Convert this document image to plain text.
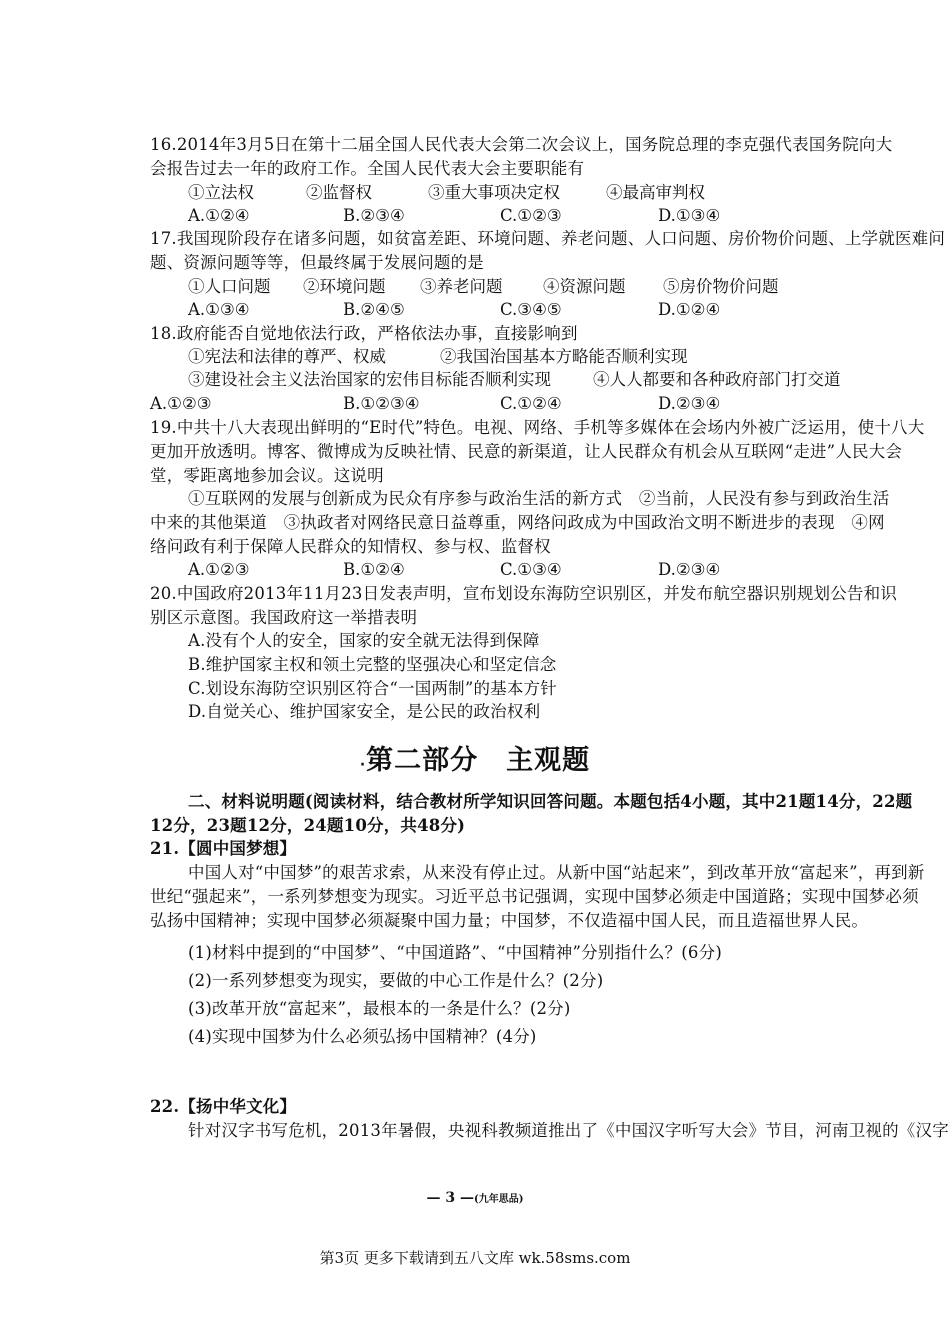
16.2014年3月5日在第十二届全国人民代表大会第二次会议上，国务院总理的李克强代表国务院向大
会报告过去一年的政府工作。全国人民代表大会主要职能有
①立法权	②监督权	③重大事项决定权	④最高审判权
A.①②④	B.②③④	C.①②③	D.①③④
17.我国现阶段存在诸多问题，如贫富差距、环境问题、养老问题、人口问题、房价物价问题、上学就医难问
题、资源问题等等，但最终属于发展问题的是
①人口问题 ②环境问题 ③养老问题 ④资源问题 ⑤房价物价问题
A.①③④	B.②④⑤	C.③④⑤	D.①②④
18.政府能否自觉地依法行政，严格依法办事，直接影响到
①宪法和法律的尊严、权威	②我国治国基本方略能否顺利实现
③建设社会主义法治国家的宏伟目标能否顺利实现	④人人都要和各种政府部门打交道
A.①②③	B.①②③④	C.①②④	D.②③④
19.中共十八大表现出鲜明的“E时代”特色。电视、网络、手机等多媒体在会场内外被广泛运用，使十八大
更加开放透明。博客、微博成为反映社情、民意的新渠道，让人民群众有机会从互联网“走进”人民大会
堂，零距离地参加会议。这说明
①互联网的发展与创新成为民众有序参与政治生活的新方式　②当前，人民没有参与到政治生活
中来的其他渠道　③执政者对网络民意日益尊重，网络问政成为中国政治文明不断进步的表现　④网
络问政有利于保障人民群众的知情权、参与权、监督权
A.①②③	B.①②④	C.①③④	D.②③④
20.中国政府2013年11月23日发表声明，宣布划设东海防空识别区，并发布航空器识别规划公告和识
别区示意图。我国政府这一举措表明
A.没有个人的安全，国家的安全就无法得到保障
B.维护国家主权和领土完整的坚强决心和坚定信念
C.划设东海防空识别区符合“一国两制”的基本方针
D.自觉关心、维护国家安全，是公民的政治权利
·第二部分 主观题
二、材料说明题(阅读材料，结合教材所学知识回答问题。本题包括4小题，其中21题14分，22题
12分，23题12分，24题10分，共48分)
21.【圆中国梦想】
中国人对“中国梦”的艰苦求索，从来没有停止过。从新中国“站起来”，到改革开放“富起来”，再到新
世纪“强起来”，一系列梦想变为现实。习近平总书记强调，实现中国梦必须走中国道路；实现中国梦必须
弘扬中国精神；实现中国梦必须凝聚中国力量；中国梦，不仅造福中国人民，而且造福世界人民。
(1)材料中提到的“中国梦”、“中国道路”、“中国精神”分别指什么？(6分)
(2)一系列梦想变为现实，要做的中心工作是什么？(2分)
(3)改革开放“富起来”，最根本的一条是什么？(2分)
(4)实现中国梦为什么必须弘扬中国精神？(4分)
22.【扬中华文化】
针对汉字书写危机，2013年暑假，央视科教频道推出了《中国汉字听写大会》节目，河南卫视的《汉字
— 3 —(九年思品)
第3页 更多下载请到五八文库 wk.58sms.com
